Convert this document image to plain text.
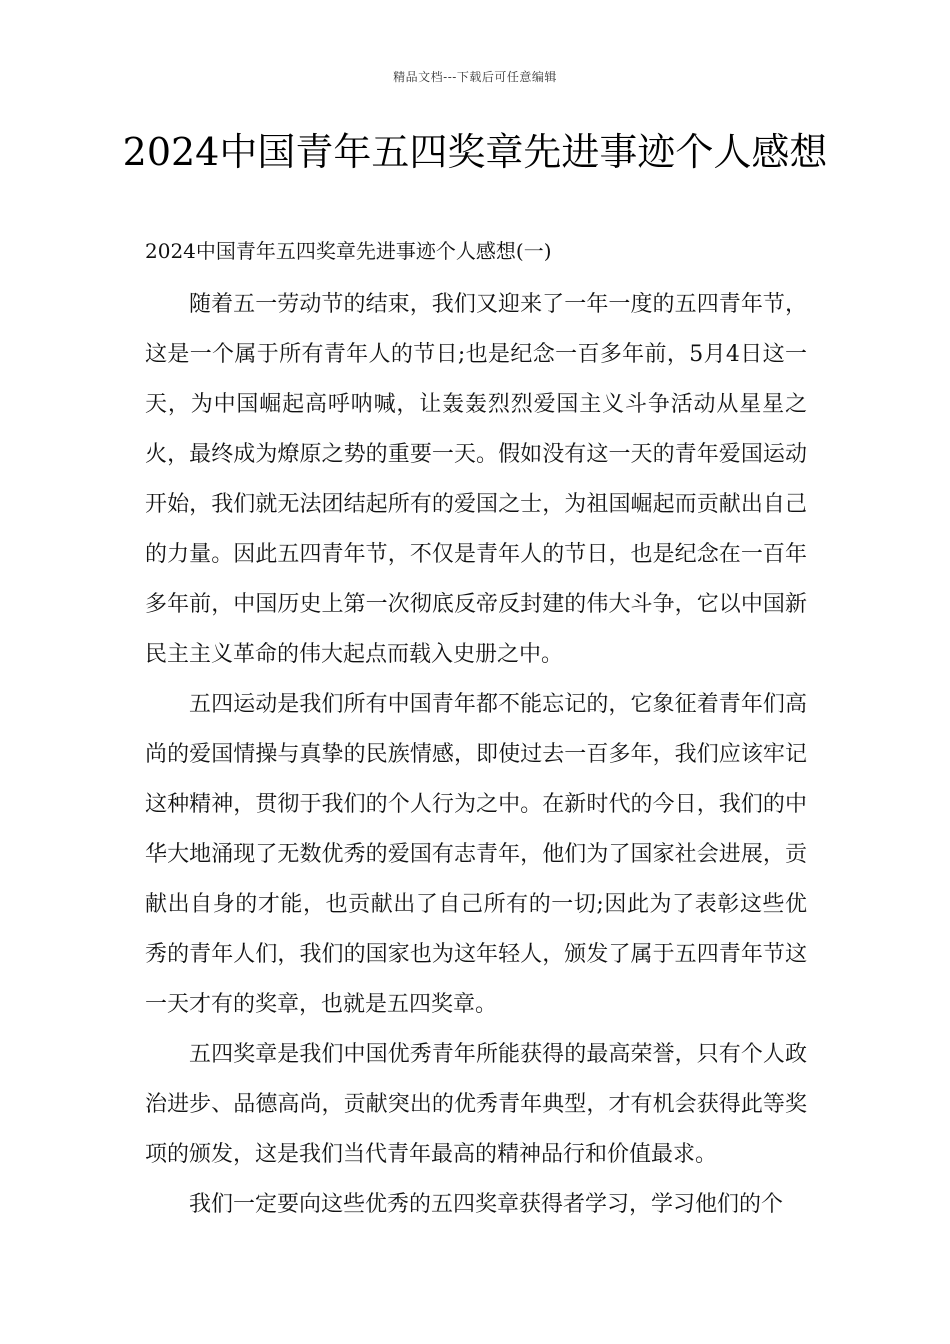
精品文档---下载后可任意编辑
2024中国青年五四奖章先进事迹个人感想

2024中国青年五四奖章先进事迹个人感想(一)

随着五一劳动节的结束，我们又迎来了一年一度的五四青年节，这是一个属于所有青年人的节日;也是纪念一百多年前，5月4日这一天，为中国崛起高呼呐喊，让轰轰烈烈爱国主义斗争活动从星星之火，最终成为燎原之势的重要一天。假如没有这一天的青年爱国运动开始，我们就无法团结起所有的爱国之士，为祖国崛起而贡献出自己的力量。因此五四青年节，不仅是青年人的节日，也是纪念在一百年多年前，中国历史上第一次彻底反帝反封建的伟大斗争，它以中国新民主主义革命的伟大起点而载入史册之中。

五四运动是我们所有中国青年都不能忘记的，它象征着青年们高尚的爱国情操与真挚的民族情感，即使过去一百多年，我们应该牢记这种精神，贯彻于我们的个人行为之中。在新时代的今日，我们的中华大地涌现了无数优秀的爱国有志青年，他们为了国家社会进展，贡献出自身的才能，也贡献出了自己所有的一切;因此为了表彰这些优秀的青年人们，我们的国家也为这年轻人，颁发了属于五四青年节这一天才有的奖章，也就是五四奖章。

五四奖章是我们中国优秀青年所能获得的最高荣誉，只有个人政治进步、品德高尚，贡献突出的优秀青年典型，才有机会获得此等奖项的颁发，这是我们当代青年最高的精神品行和价值最求。

我们一定要向这些优秀的五四奖章获得者学习，学习他们的个
